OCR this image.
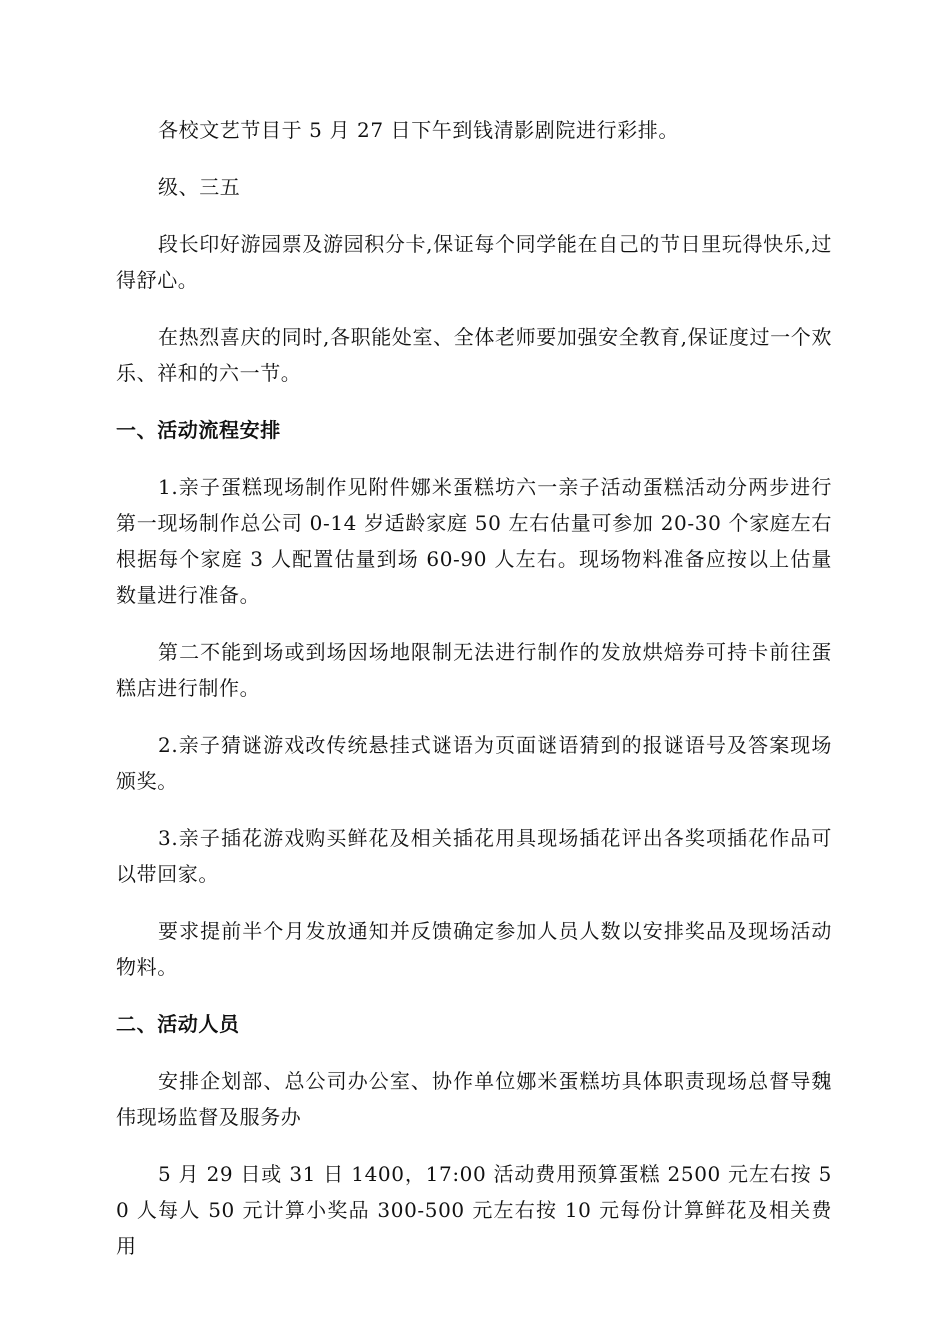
各校文艺节目于 5 月 27 日下午到钱清影剧院进行彩排。

级、三五

段长印好游园票及游园积分卡,保证每个同学能在自己的节日里玩得快乐,过得舒心。

在热烈喜庆的同时,各职能处室、全体老师要加强安全教育,保证度过一个欢乐、祥和的六一节。

一、活动流程安排

1.亲子蛋糕现场制作见附件娜米蛋糕坊六一亲子活动蛋糕活动分两步进行第一现场制作总公司 0-14 岁适龄家庭 50 左右估量可参加 20-30 个家庭左右根据每个家庭 3 人配置估量到场 60-90 人左右。现场物料准备应按以上估量数量进行准备。

第二不能到场或到场因场地限制无法进行制作的发放烘焙券可持卡前往蛋糕店进行制作。

2.亲子猜谜游戏改传统悬挂式谜语为页面谜语猜到的报谜语号及答案现场颁奖。

3.亲子插花游戏购买鲜花及相关插花用具现场插花评出各奖项插花作品可以带回家。

要求提前半个月发放通知并反馈确定参加人员人数以安排奖品及现场活动物料。

二、活动人员

安排企划部、总公司办公室、协作单位娜米蛋糕坊具体职责现场总督导魏伟现场监督及服务办

5 月 29 日或 31 日 1400，17:00 活动费用预算蛋糕 2500 元左右按 50 人每人 50 元计算小奖品 300-500 元左右按 10 元每份计算鲜花及相关费用
